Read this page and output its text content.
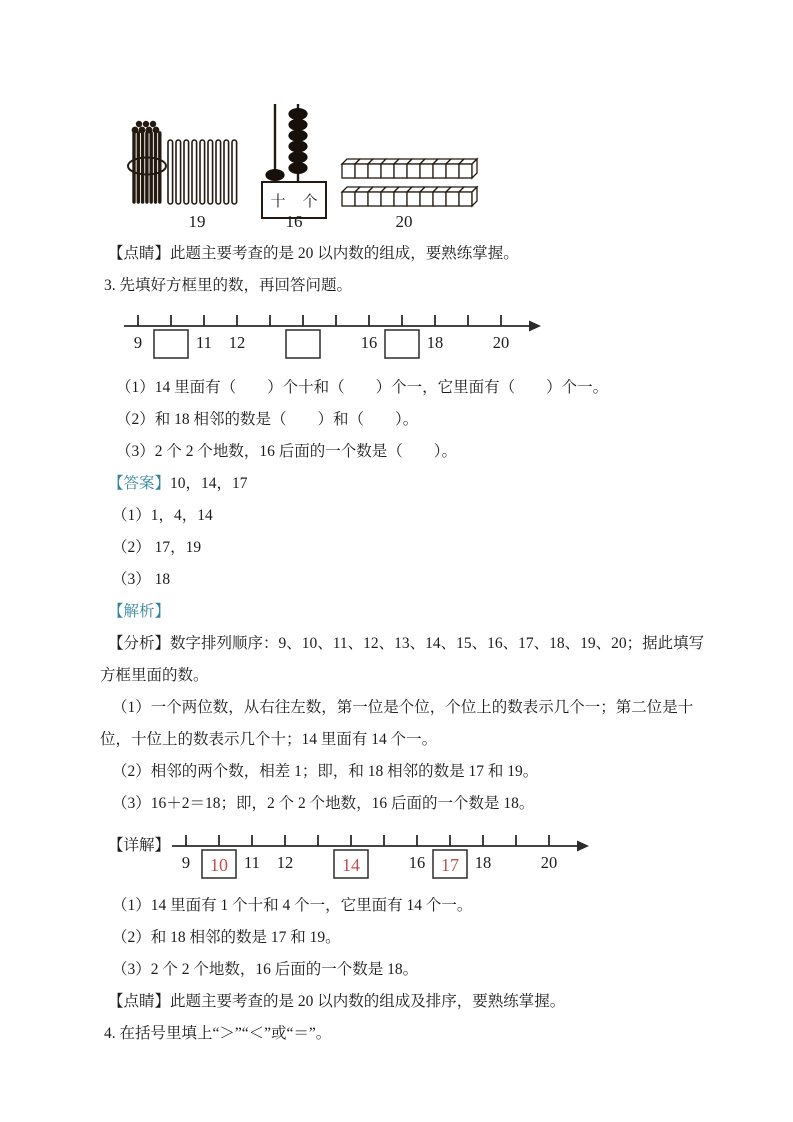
19
十 个
16	20

【点睛】此题主要考查的是 20 以内数的组成，要熟练掌握。

3. 先填好方框里的数，再回答问题。

9	11 12	16	18	20

（1）14 里面有（　　）个十和（　　）个一，它里面有（　　）个一。

（2）和 18 相邻的数是（　　）和（　　）。

（3）2 个 2 个地数，16 后面的一个数是（　　）。

【答案】10，14，17

（1）1，4，14

（2） 17，19

（3） 18

【解析】

【分析】数字排列顺序：9、10、11、12、13、14、15、16、17、18、19、20；据此填写方框里面的数。

（1）一个两位数，从右往左数，第一位是个位，个位上的数表示几个一；第二位是十位，十位上的数表示几个十；14 里面有 14 个一。

（2）相邻的两个数，相差 1；即，和 18 相邻的数是 17 和 19。

（3）16＋2＝18；即，2 个 2 个地数，16 后面的一个数是 18。

【详解】
9	11 12	16	18	20
10	14	17

（1）14 里面有 1 个十和 4 个一，它里面有 14 个一。

（2）和 18 相邻的数是 17 和 19。

（3）2 个 2 个地数，16 后面的一个数是 18。

【点睛】此题主要考查的是 20 以内数的组成及排序，要熟练掌握。

4. 在括号里填上“＞”“＜”或“＝”。
